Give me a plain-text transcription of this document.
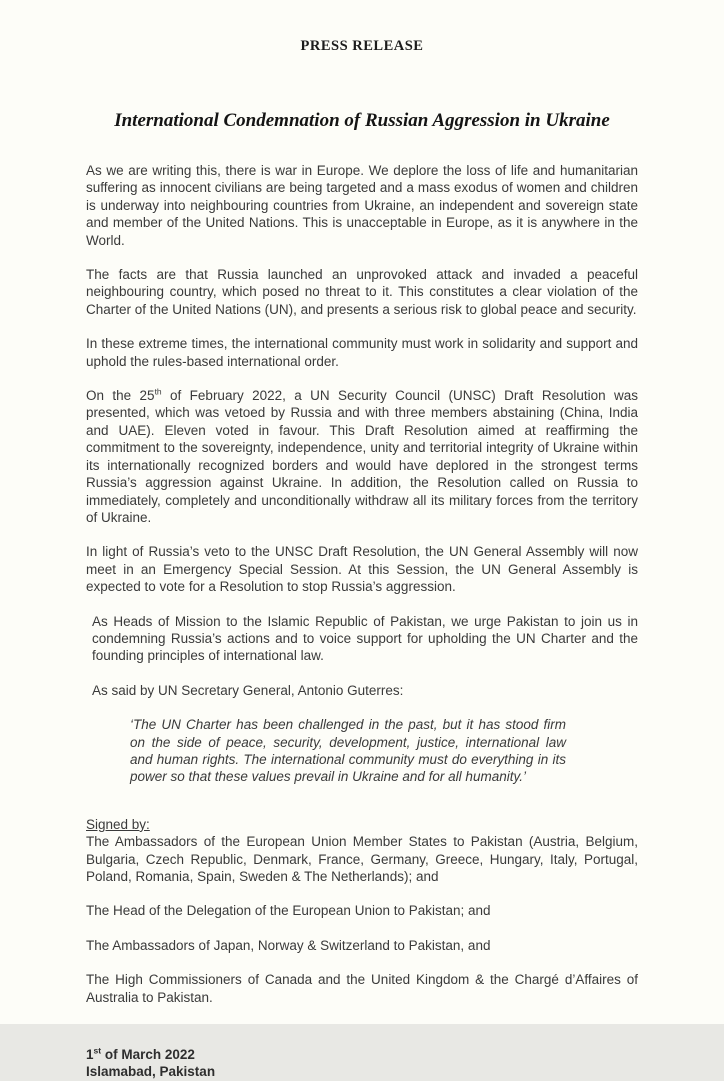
PRESS RELEASE
International Condemnation of Russian Aggression in Ukraine
As we are writing this, there is war in Europe. We deplore the loss of life and humanitarian suffering as innocent civilians are being targeted and a mass exodus of women and children is underway into neighbouring countries from Ukraine, an independent and sovereign state and member of the United Nations. This is unacceptable in Europe, as it is anywhere in the World.
The facts are that Russia launched an unprovoked attack and invaded a peaceful neighbouring country, which posed no threat to it. This constitutes a clear violation of the Charter of the United Nations (UN), and presents a serious risk to global peace and security.
In these extreme times, the international community must work in solidarity and support and uphold the rules-based international order.
On the 25th of February 2022, a UN Security Council (UNSC) Draft Resolution was presented, which was vetoed by Russia and with three members abstaining (China, India and UAE). Eleven voted in favour. This Draft Resolution aimed at reaffirming the commitment to the sovereignty, independence, unity and territorial integrity of Ukraine within its internationally recognized borders and would have deplored in the strongest terms Russia’s aggression against Ukraine. In addition, the Resolution called on Russia to immediately, completely and unconditionally withdraw all its military forces from the territory of Ukraine.
In light of Russia’s veto to the UNSC Draft Resolution, the UN General Assembly will now meet in an Emergency Special Session. At this Session, the UN General Assembly is expected to vote for a Resolution to stop Russia’s aggression.
As Heads of Mission to the Islamic Republic of Pakistan, we urge Pakistan to join us in condemning Russia’s actions and to voice support for upholding the UN Charter and the founding principles of international law.
As said by UN Secretary General, Antonio Guterres:
‘The UN Charter has been challenged in the past, but it has stood firm on the side of peace, security, development, justice, international law and human rights. The international community must do everything in its power so that these values prevail in Ukraine and for all humanity.’
Signed by:
The Ambassadors of the European Union Member States to Pakistan (Austria, Belgium, Bulgaria, Czech Republic, Denmark, France, Germany, Greece, Hungary, Italy, Portugal, Poland, Romania, Spain, Sweden & The Netherlands); and
The Head of the Delegation of the European Union to Pakistan; and
The Ambassadors of Japan, Norway & Switzerland to Pakistan, and
The High Commissioners of Canada and the United Kingdom & the Chargé d’Affaires of Australia to Pakistan.
1st of March 2022
Islamabad, Pakistan
